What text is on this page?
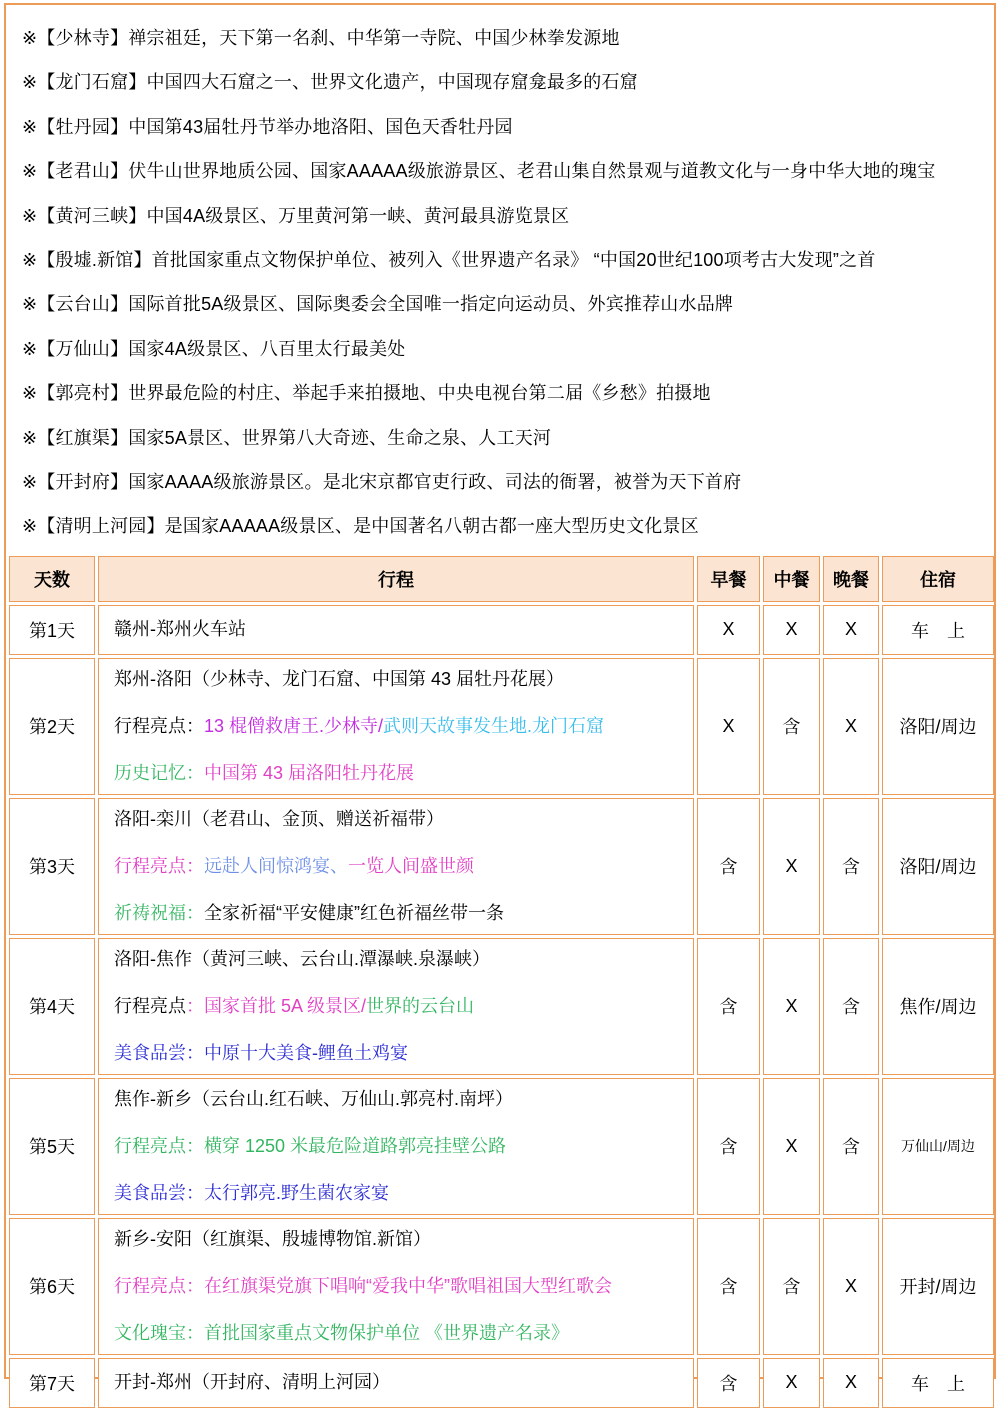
※【少林寺】禅宗祖廷，天下第一名刹、中华第一寺院、中国少林拳发源地
※【龙门石窟】中国四大石窟之一、世界文化遗产，中国现存窟龛最多的石窟
※【牡丹园】中国第43届牡丹节举办地洛阳、国色天香牡丹园
※【老君山】伏牛山世界地质公园、国家AAAAA级旅游景区、老君山集自然景观与道教文化与一身中华大地的瑰宝
※【黄河三峡】中国4A级景区、万里黄河第一峡、黄河最具游览景区
※【殷墟.新馆】首批国家重点文物保护单位、被列入《世界遗产名录》 “中国20世纪100项考古大发现”之首
※【云台山】国际首批5A级景区、国际奥委会全国唯一指定向运动员、外宾推荐山水品牌
※【万仙山】国家4A级景区、八百里太行最美处
※【郭亮村】世界最危险的村庄、举起手来拍摄地、中央电视台第二届《乡愁》拍摄地
※【红旗渠】国家5A景区、世界第八大奇迹、生命之泉、人工天河
※【开封府】国家AAAA级旅游景区。是北宋京都官吏行政、司法的衙署，被誉为天下首府
※【清明上河园】是国家AAAAA级景区、是中国著名八朝古都一座大型历史文化景区
天数	行程	早餐	中餐	晚餐	住宿
第1天	赣州-郑州火车站	X	X	X	车　上
第2天	郑州-洛阳（少林寺、龙门石窟、中国第 43 届牡丹花展）
行程亮点：13 棍僧救唐王.少林寺/武则天故事发生地.龙门石窟
历史记忆：中国第 43 届洛阳牡丹花展	X	含	X	洛阳/周边
第3天	洛阳-栾川（老君山、金顶、赠送祈福带）
行程亮点：远赴人间惊鸿宴、一览人间盛世颜
祈祷祝福：全家祈福“平安健康”红色祈福丝带一条	含	X	含	洛阳/周边
第4天	洛阳-焦作（黄河三峡、云台山.潭瀑峡.泉瀑峡）
行程亮点：国家首批 5A 级景区/世界的云台山
美食品尝：中原十大美食-鲤鱼土鸡宴	含	X	含	焦作/周边
第5天	焦作-新乡（云台山.红石峡、万仙山.郭亮村.南坪）
行程亮点：横穿 1250 米最危险道路郭亮挂壁公路
美食品尝：太行郭亮.野生菌农家宴	含	X	含	万仙山/周边
第6天	新乡-安阳（红旗渠、殷墟博物馆.新馆）
行程亮点：在红旗渠党旗下唱响“爱我中华”歌唱祖国大型红歌会
文化瑰宝：首批国家重点文物保护单位 《世界遗产名录》	含	含	X	开封/周边
第7天	开封-郑州（开封府、清明上河园）	含	X	X	车　上
